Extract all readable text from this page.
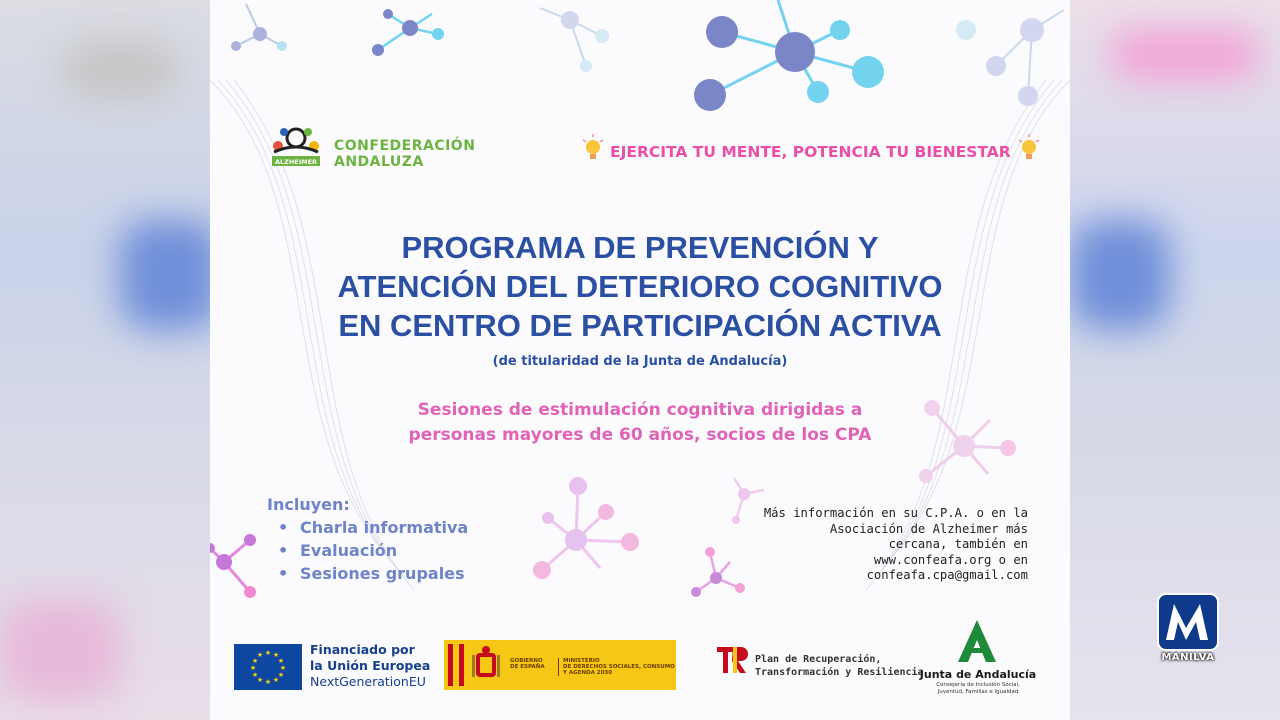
ALZHEIMER
CONFEDERACIÓN
ANDALUZA
EJERCITA TU MENTE, POTENCIA TU BIENESTAR
PROGRAMA DE PREVENCIÓN Y
ATENCIÓN DEL DETERIORO COGNITIVO
EN CENTRO DE PARTICIPACIÓN ACTIVA
(de titularidad de la Junta de Andalucía)
Sesiones de estimulación cognitiva dirigidas a
personas mayores de 60 años, socios de los CPA
Incluyen:
• Charla informativa
• Evaluación
• Sesiones grupales
Más información en su C.P.A. o en la
Asociación de Alzheimer más
cercana, también en
www.confeafa.org o en
confeafa.cpa@gmail.com
★ ★
★
★
★
★
★
★
★
★
★
★	Financiado por
la Unión Europea
NextGenerationEU
GOBIERNO
DE ESPAÑA
MINISTERIO
DE DERECHOS SOCIALES, CONSUMO
Y AGENDA 2030
Plan de Recuperación,
Transformación y Resiliencia
Junta de Andalucía
Consejería de Inclusión Social,
Juventud, Familias e Igualdad
MANILVA
